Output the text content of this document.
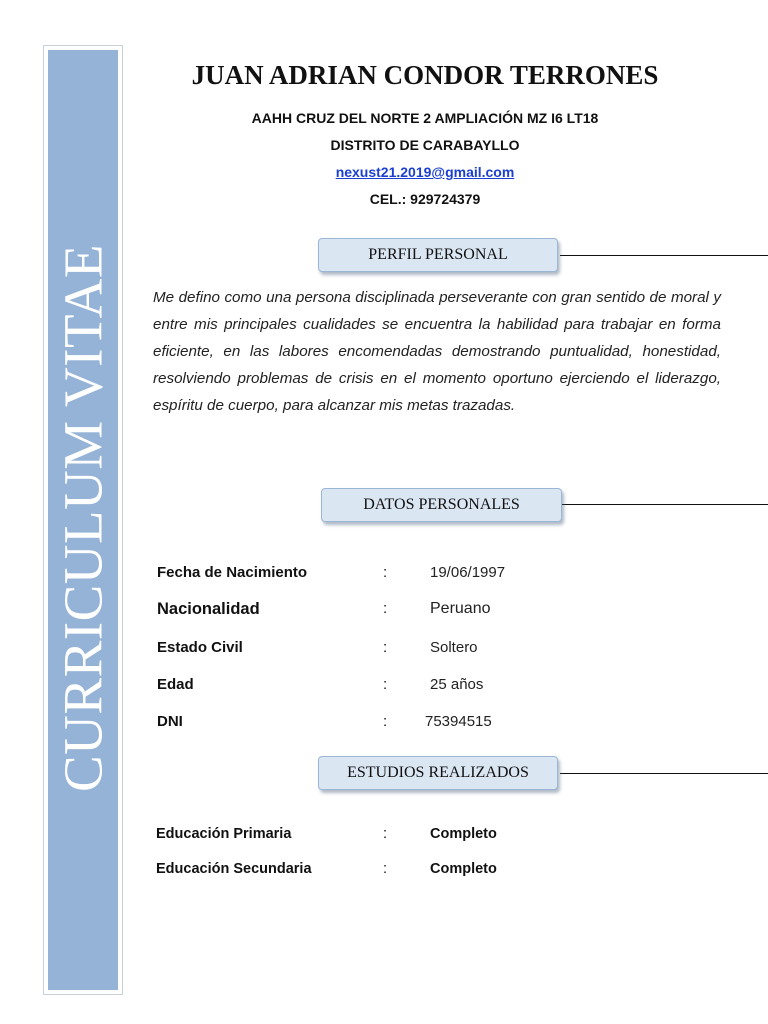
CURRICULUM VITAE
JUAN ADRIAN CONDOR TERRONES
AAHH CRUZ DEL NORTE 2 AMPLIACIÓN MZ I6 LT18
DISTRITO DE CARABAYLLO
nexust21.2019@gmail.com
CEL.: 929724379
PERFIL PERSONAL
Me defino como una persona disciplinada perseverante con gran sentido de moral y entre mis principales cualidades se encuentra la habilidad para trabajar en forma eficiente, en las labores encomendadas demostrando puntualidad, honestidad, resolviendo problemas de crisis en el momento oportuno ejerciendo el liderazgo, espíritu de cuerpo, para alcanzar mis metas trazadas.
DATOS PERSONALES
Fecha de Nacimiento	:	19/06/1997
Nacionalidad	:	Peruano
Estado Civil	:	Soltero
Edad	:	25 años
DNI	:	75394515
ESTUDIOS REALIZADOS
Educación Primaria	:	Completo
Educación Secundaria	:	Completo
